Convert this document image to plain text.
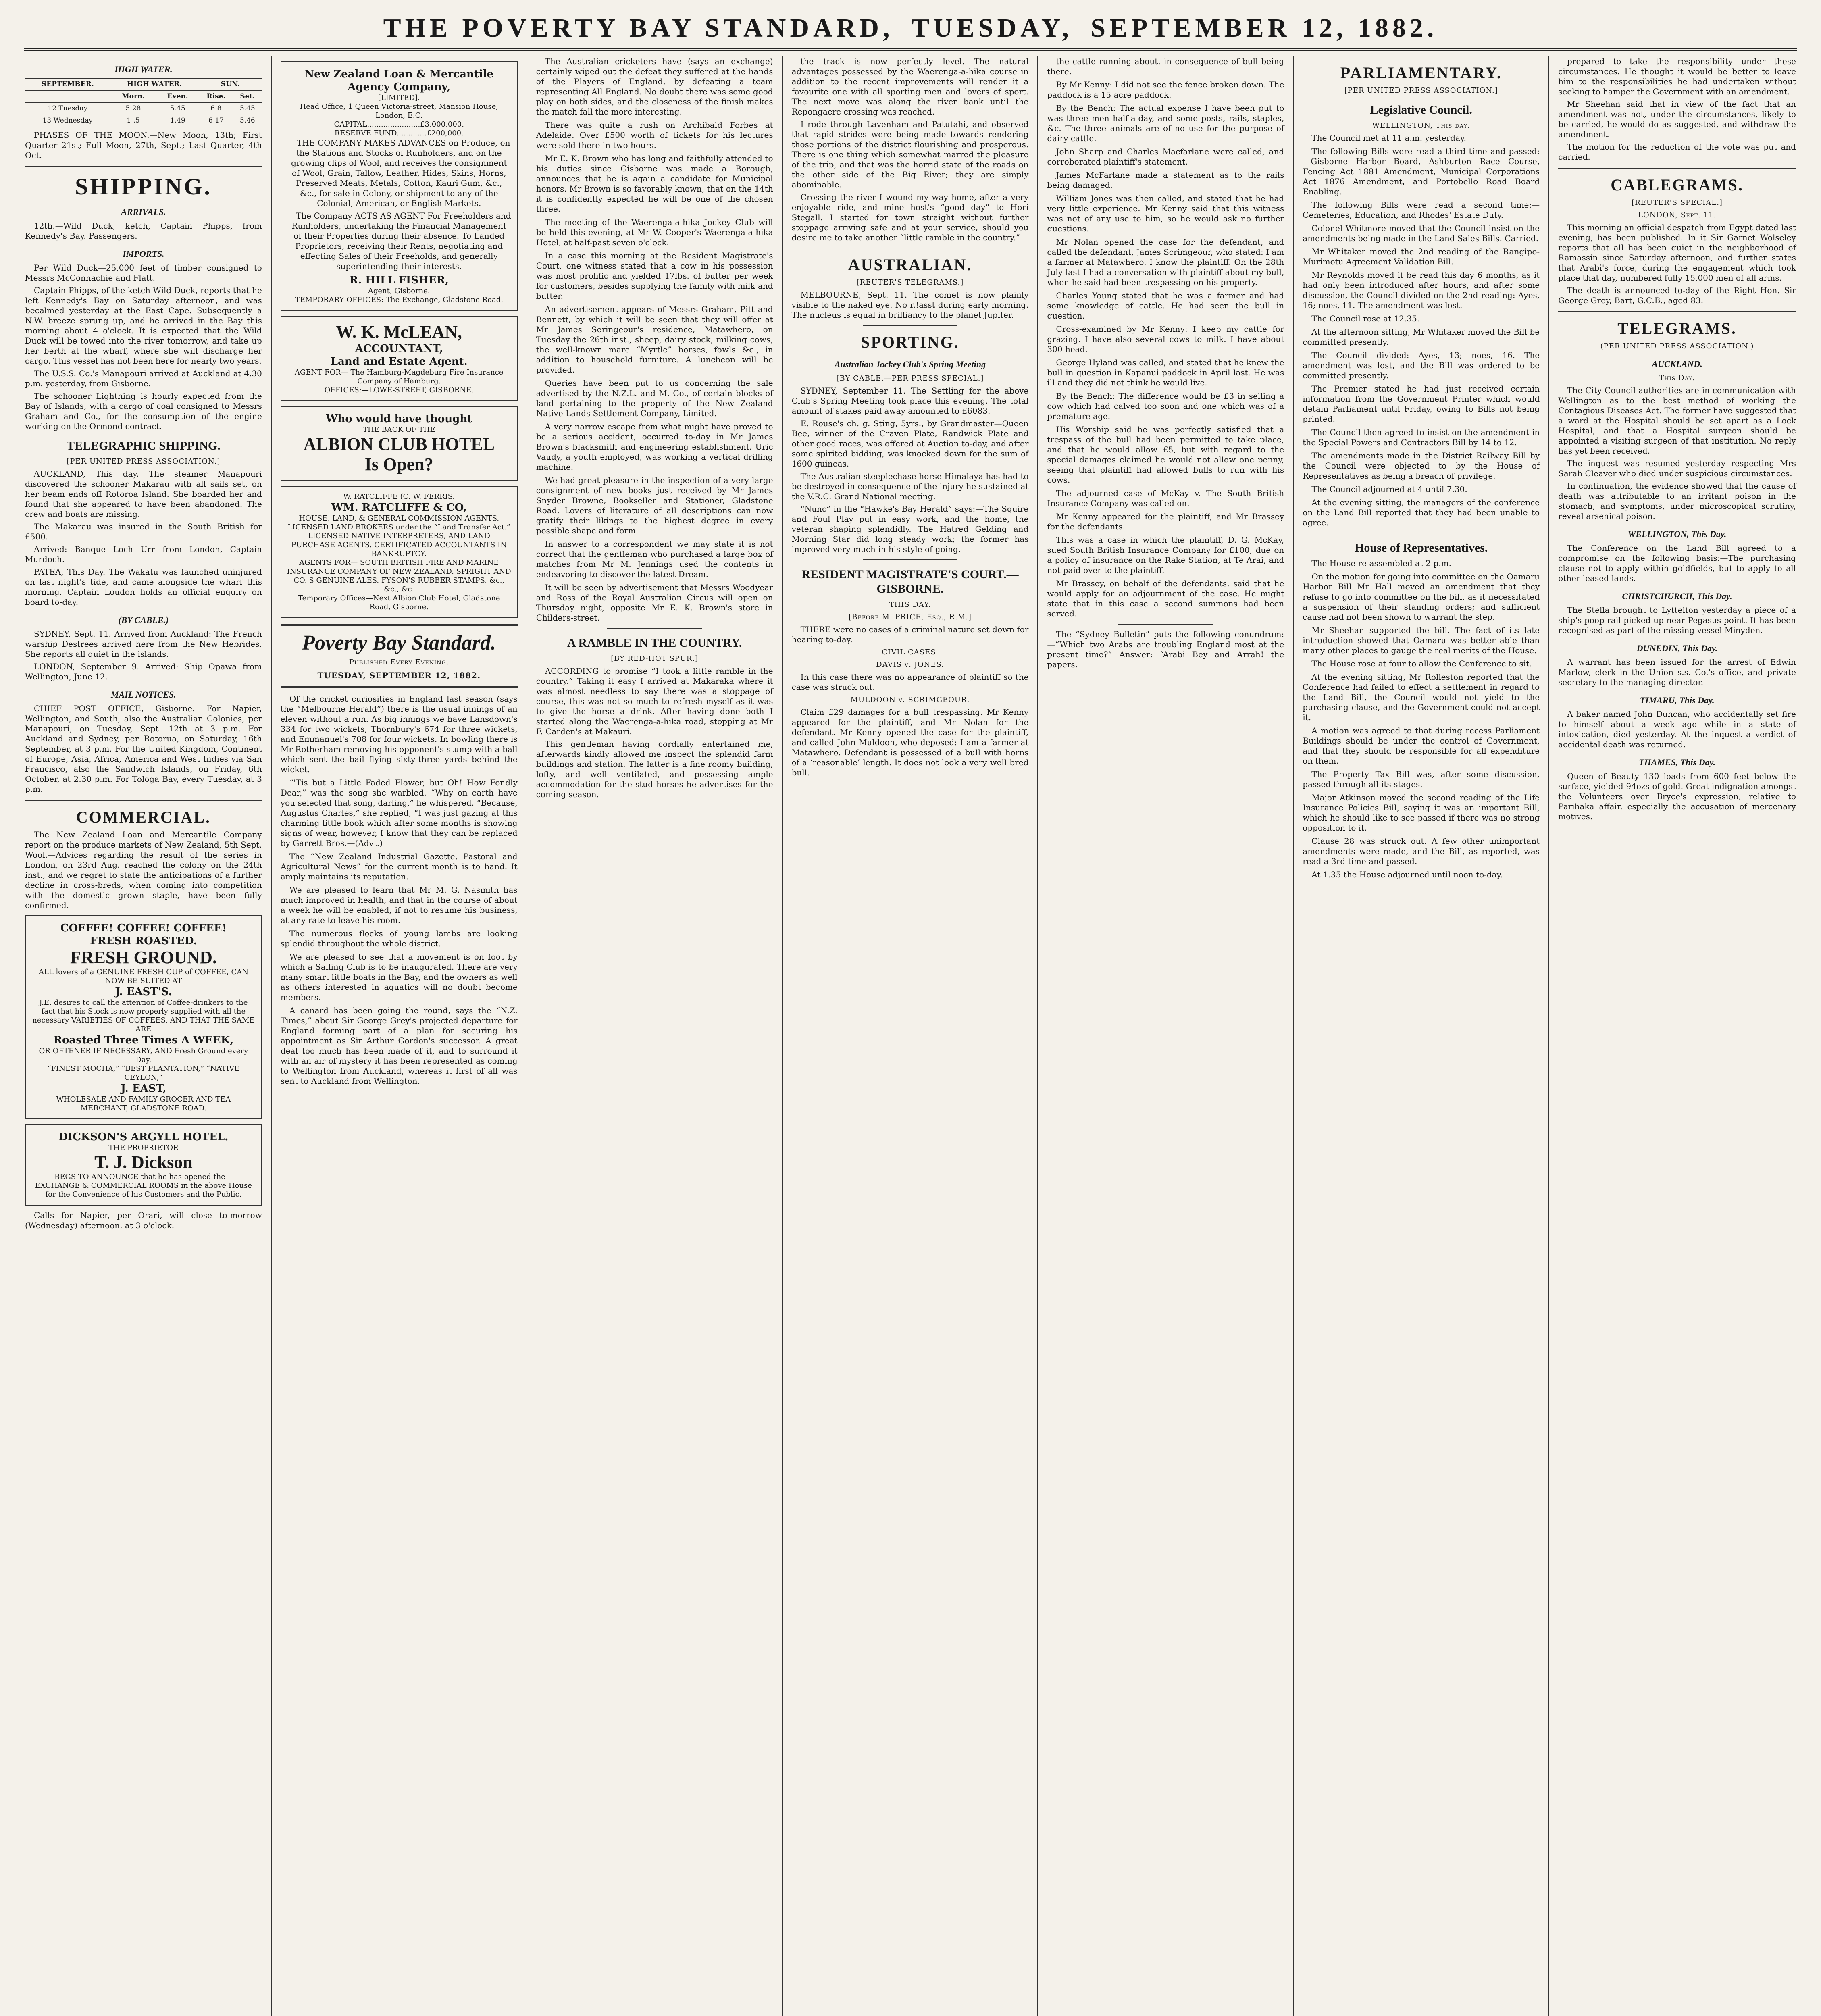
THE POVERTY BAY STANDARD, TUESDAY, SEPTEMBER 12, 1882.
HIGH WATER.
SEPTEMBER.	HIGH WATER.		SUN.	
	Morn.	Even.	Rise.	Set.
12 Tuesday	5.28	5.45	6 8	5.45
13 Wednesday	1 .5	1.49	6 17	5.46

PHASES OF THE MOON.—New Moon, 13th; First Quarter 21st; Full Moon, 27th, Sept.; Last Quarter, 4th Oct.

SHIPPING.
ARRIVALS.

12th.—Wild Duck, ketch, Captain Phipps, from Kennedy's Bay. Passengers.

IMPORTS.

Per Wild Duck—25,000 feet of timber consigned to Messrs McConnachie and Flatt.

Captain Phipps, of the ketch Wild Duck, reports that he left Kennedy's Bay on Saturday afternoon, and was becalmed yesterday at the East Cape. Subsequently a N.W. breeze sprung up, and he arrived in the Bay this morning about 4 o'clock. It is expected that the Wild Duck will be towed into the river tomorrow, and take up her berth at the wharf, where she will discharge her cargo. This vessel has not been here for nearly two years.

The U.S.S. Co.'s Manapouri arrived at Auckland at 4.30 p.m. yesterday, from Gisborne.

The schooner Lightning is hourly expected from the Bay of Islands, with a cargo of coal consigned to Messrs Graham and Co., for the consumption of the engine working on the Ormond contract.

TELEGRAPHIC SHIPPING.
[PER UNITED PRESS ASSOCIATION.]

AUCKLAND, This day. The steamer Manapouri discovered the schooner Makarau with all sails set, on her beam ends off Rotoroa Island. She boarded her and found that she appeared to have been abandoned. The crew and boats are missing.

The Makarau was insured in the South British for £500.

Arrived: Banque Loch Urr from London, Captain Murdoch.

PATEA, This Day. The Wakatu was launched uninjured on last night's tide, and came alongside the wharf this morning. Captain Loudon holds an official enquiry on board to-day.

(BY CABLE.)

SYDNEY, Sept. 11. Arrived from Auckland: The French warship Destrees arrived here from the New Hebrides. She reports all quiet in the islands.

LONDON, September 9. Arrived: Ship Opawa from Wellington, June 12.

MAIL NOTICES.

CHIEF POST OFFICE, Gisborne. For Napier, Wellington, and South, also the Australian Colonies, per Manapouri, on Tuesday, Sept. 12th at 3 p.m. For Auckland and Sydney, per Rotorua, on Saturday, 16th September, at 3 p.m. For the United Kingdom, Continent of Europe, Asia, Africa, America and West Indies via San Francisco, also the Sandwich Islands, on Friday, 6th October, at 2.30 p.m. For Tologa Bay, every Tuesday, at 3 p.m.

COMMERCIAL.

The New Zealand Loan and Mercantile Company report on the produce markets of New Zealand, 5th Sept. Wool.—Advices regarding the result of the series in London, on 23rd Aug. reached the colony on the 24th inst., and we regret to state the anticipations of a further decline in cross-breds, when coming into competition with the domestic grown staple, have been fully confirmed.

COFFEE! COFFEE! COFFEE!
FRESH ROASTED.
FRESH GROUND.
ALL lovers of a GENUINE FRESH CUP of COFFEE, CAN NOW BE SUITED AT
J. EAST'S.
J.E. desires to call the attention of Coffee-drinkers to the fact that his Stock is now properly supplied with all the necessary VARIETIES OF COFFEES, AND THAT THE SAME ARE
Roasted Three Times A WEEK,
OR OFTENER IF NECESSARY, AND Fresh Ground every Day.
“FINEST MOCHA,” “BEST PLANTATION,” “NATIVE CEYLON,”
J. EAST,
WHOLESALE AND FAMILY GROCER AND TEA MERCHANT, GLADSTONE ROAD.
DICKSON'S ARGYLL HOTEL.
THE PROPRIETOR
T. J. Dickson
BEGS TO ANNOUNCE that he has opened the— EXCHANGE & COMMERCIAL ROOMS in the above House for the Convenience of his Customers and the Public.

Calls for Napier, per Orari, will close to-morrow (Wednesday) afternoon, at 3 o'clock.

New Zealand Loan & Mercantile Agency Company,
[LIMITED].
Head Office, 1 Queen Victoria-street, Mansion House, London, E.C.
CAPITAL.......................£3,000,000.
RESERVE FUND.............£200,000.

THE COMPANY MAKES ADVANCES on Produce, on the Stations and Stocks of Runholders, and on the growing clips of Wool, and receives the consignment of Wool, Grain, Tallow, Leather, Hides, Skins, Horns, Preserved Meats, Metals, Cotton, Kauri Gum, &c., &c., for sale in Colony, or shipment to any of the Colonial, American, or English Markets.

The Company ACTS AS AGENT For Freeholders and Runholders, undertaking the Financial Management of their Properties during their absence. To Landed Proprietors, receiving their Rents, negotiating and effecting Sales of their Freeholds, and generally superintending their interests.

R. HILL FISHER,
Agent, Gisborne.
TEMPORARY OFFICES: The Exchange, Gladstone Road.
W. K. McLEAN,
ACCOUNTANT,
Land and Estate Agent.
AGENT FOR— The Hamburg-Magdeburg Fire Insurance Company of Hamburg.
OFFICES:—LOWE-STREET, GISBORNE.
Who would have thought
THE BACK OF THE
ALBION CLUB HOTEL
Is Open?
W. RATCLIFFE (C. W. FERRIS.
WM. RATCLIFFE & CO,
HOUSE, LAND, & GENERAL COMMISSION AGENTS.
LICENSED LAND BROKERS under the “Land Transfer Act.” LICENSED NATIVE INTERPRETERS, AND LAND PURCHASE AGENTS. CERTIFICATED ACCOUNTANTS IN BANKRUPTCY.
AGENTS FOR— SOUTH BRITISH FIRE AND MARINE INSURANCE COMPANY OF NEW ZEALAND. SPRIGHT AND CO.'S GENUINE ALES. FYSON'S RUBBER STAMPS, &c., &c., &c.
Temporary Offices—Next Albion Club Hotel, Gladstone Road, Gisborne.
Poverty Bay Standard.
Published Every Evening.
TUESDAY, SEPTEMBER 12, 1882.

Of the cricket curiosities in England last season (says the “Melbourne Herald”) there is the usual innings of an eleven without a run. As big innings we have Lansdown's 334 for two wickets, Thornbury's 674 for three wickets, and Emmanuel's 708 for four wickets. In bowling there is Mr Rotherham removing his opponent's stump with a ball which sent the bail flying sixty-three yards behind the wicket.

“'Tis but a Little Faded Flower, but Oh! How Fondly Dear,” was the song she warbled. “Why on earth have you selected that song, darling,” he whispered. “Because, Augustus Charles,” she replied, “I was just gazing at this charming little book which after some months is showing signs of wear, however, I know that they can be replaced by Garrett Bros.—(Advt.)

The “New Zealand Industrial Gazette, Pastoral and Agricultural News” for the current month is to hand. It amply maintains its reputation.

We are pleased to learn that Mr M. G. Nasmith has much improved in health, and that in the course of about a week he will be enabled, if not to resume his business, at any rate to leave his room.

The numerous flocks of young lambs are looking splendid throughout the whole district.

We are pleased to see that a movement is on foot by which a Sailing Club is to be inaugurated. There are very many smart little boats in the Bay, and the owners as well as others interested in aquatics will no doubt become members.

A canard has been going the round, says the “N.Z. Times,” about Sir George Grey's projected departure for England forming part of a plan for securing his appointment as Sir Arthur Gordon's successor. A great deal too much has been made of it, and to surround it with an air of mystery it has been represented as coming to Wellington from Auckland, whereas it first of all was sent to Auckland from Wellington.

The Australian cricketers have (says an exchange) certainly wiped out the defeat they suffered at the hands of the Players of England, by defeating a team representing All England. No doubt there was some good play on both sides, and the closeness of the finish makes the match fall the more interesting.

There was quite a rush on Archibald Forbes at Adelaide. Over £500 worth of tickets for his lectures were sold there in two hours.

Mr E. K. Brown who has long and faithfully attended to his duties since Gisborne was made a Borough, announces that he is again a candidate for Municipal honors. Mr Brown is so favorably known, that on the 14th it is confidently expected he will be one of the chosen three.

The meeting of the Waerenga-a-hika Jockey Club will be held this evening, at Mr W. Cooper's Waerenga-a-hika Hotel, at half-past seven o'clock.

In a case this morning at the Resident Magistrate's Court, one witness stated that a cow in his possession was most prolific and yielded 17lbs. of butter per week for customers, besides supplying the family with milk and butter.

An advertisement appears of Messrs Graham, Pitt and Bennett, by which it will be seen that they will offer at Mr James Seringeour's residence, Matawhero, on Tuesday the 26th inst., sheep, dairy stock, milking cows, the well-known mare “Myrtle” horses, fowls &c., in addition to household furniture. A luncheon will be provided.

Queries have been put to us concerning the sale advertised by the N.Z.L. and M. Co., of certain blocks of land pertaining to the property of the New Zealand Native Lands Settlement Company, Limited.

A very narrow escape from what might have proved to be a serious accident, occurred to-day in Mr James Brown's blacksmith and engineering establishment. Uric Vaudy, a youth employed, was working a vertical drilling machine.

We had great pleasure in the inspection of a very large consignment of new books just received by Mr James Snyder Browne, Bookseller and Stationer, Gladstone Road. Lovers of literature of all descriptions can now gratify their likings to the highest degree in every possible shape and form.

In answer to a correspondent we may state it is not correct that the gentleman who purchased a large box of matches from Mr M. Jennings used the contents in endeavoring to discover the latest Dream.

It will be seen by advertisement that Messrs Woodyear and Ross of the Royal Australian Circus will open on Thursday night, opposite Mr E. K. Brown's store in Childers-street.

A RAMBLE IN THE COUNTRY.
[BY RED-HOT SPUR.]

ACCORDING to promise “I took a little ramble in the country.” Taking it easy I arrived at Makaraka where it was almost needless to say there was a stoppage of course, this was not so much to refresh myself as it was to give the horse a drink. After having done both I started along the Waerenga-a-hika road, stopping at Mr F. Carden's at Makauri.

This gentleman having cordially entertained me, afterwards kindly allowed me inspect the splendid farm buildings and station. The latter is a fine roomy building, lofty, and well ventilated, and possessing ample accommodation for the stud horses he advertises for the coming season.

the track is now perfectly level. The natural advantages possessed by the Waerenga-a-hika course in addition to the recent improvements will render it a favourite one with all sporting men and lovers of sport. The next move was along the river bank until the Repongaere crossing was reached.

I rode through Lavenham and Patutahi, and observed that rapid strides were being made towards rendering those portions of the district flourishing and prosperous. There is one thing which somewhat marred the pleasure of the trip, and that was the horrid state of the roads on the other side of the Big River; they are simply abominable.

Crossing the river I wound my way home, after a very enjoyable ride, and mine host's “good day” to Hori Stegall. I started for town straight without further stoppage arriving safe and at your service, should you desire me to take another “little ramble in the country.”

AUSTRALIAN.
[REUTER'S TELEGRAMS.]

MELBOURNE, Sept. 11. The comet is now plainly visible to the naked eye. No r.!asst during early morning. The nucleus is equal in brilliancy to the planet Jupiter.

SPORTING.
Australian Jockey Club's Spring Meeting
[BY CABLE.—PER PRESS SPECIAL.]

SYDNEY, September 11. The Settling for the above Club's Spring Meeting took place this evening. The total amount of stakes paid away amounted to £6083.

E. Rouse's ch. g. Sting, 5yrs., by Grandmaster—Queen Bee, winner of the Craven Plate, Randwick Plate and other good races, was offered at Auction to-day, and after some spirited bidding, was knocked down for the sum of 1600 guineas.

The Australian steeplechase horse Himalaya has had to be destroyed in consequence of the injury he sustained at the V.R.C. Grand National meeting.

“Nunc” in the “Hawke's Bay Herald” says:—The Squire and Foul Play put in easy work, and the home, the veteran shaping splendidly. The Hatred Gelding and Morning Star did long steady work; the former has improved very much in his style of going.

RESIDENT MAGISTRATE'S COURT.—GISBORNE.
THIS DAY.
[Before M. PRICE, Esq., R.M.]

THERE were no cases of a criminal nature set down for hearing to-day.

CIVIL CASES.
DAVIS v. JONES.

In this case there was no appearance of plaintiff so the case was struck out.

MULDOON v. SCRIMGEOUR.

Claim £29 damages for a bull trespassing. Mr Kenny appeared for the plaintiff, and Mr Nolan for the defendant. Mr Kenny opened the case for the plaintiff, and called John Muldoon, who deposed: I am a farmer at Matawhero. Defendant is possessed of a bull with horns of a ‘reasonable’ length. It does not look a very well bred bull.

the cattle running about, in consequence of bull being there.

By Mr Kenny: I did not see the fence broken down. The paddock is a 15 acre paddock.

By the Bench: The actual expense I have been put to was three men half-a-day, and some posts, rails, staples, &c. The three animals are of no use for the purpose of dairy cattle.

John Sharp and Charles Macfarlane were called, and corroborated plaintiff's statement.

James McFarlane made a statement as to the rails being damaged.

William Jones was then called, and stated that he had very little experience. Mr Kenny said that this witness was not of any use to him, so he would ask no further questions.

Mr Nolan opened the case for the defendant, and called the defendant, James Scrimgeour, who stated: I am a farmer at Matawhero. I know the plaintiff. On the 28th July last I had a conversation with plaintiff about my bull, when he said had been trespassing on his property.

Charles Young stated that he was a farmer and had some knowledge of cattle. He had seen the bull in question.

Cross-examined by Mr Kenny: I keep my cattle for grazing. I have also several cows to milk. I have about 300 head.

George Hyland was called, and stated that he knew the bull in question in Kapanui paddock in April last. He was ill and they did not think he would live.

By the Bench: The difference would be £3 in selling a cow which had calved too soon and one which was of a premature age.

His Worship said he was perfectly satisfied that a trespass of the bull had been permitted to take place, and that he would allow £5, but with regard to the special damages claimed he would not allow one penny, seeing that plaintiff had allowed bulls to run with his cows.

The adjourned case of McKay v. The South British Insurance Company was called on.

Mr Kenny appeared for the plaintiff, and Mr Brassey for the defendants.

This was a case in which the plaintiff, D. G. McKay, sued South British Insurance Company for £100, due on a policy of insurance on the Rake Station, at Te Arai, and not paid over to the plaintiff.

Mr Brassey, on behalf of the defendants, said that he would apply for an adjournment of the case. He might state that in this case a second summons had been served.

The “Sydney Bulletin” puts the following conundrum:—“Which two Arabs are troubling England most at the present time?” Answer: “Arabi Bey and Arrah! the papers.

PARLIAMENTARY.
[PER UNITED PRESS ASSOCIATION.]
Legislative Council.
WELLINGTON, This day.

The Council met at 11 a.m. yesterday.

The following Bills were read a third time and passed:—Gisborne Harbor Board, Ashburton Race Course, Fencing Act 1881 Amendment, Municipal Corporations Act 1876 Amendment, and Portobello Road Board Enabling.

The following Bills were read a second time:—Cemeteries, Education, and Rhodes' Estate Duty.

Colonel Whitmore moved that the Council insist on the amendments being made in the Land Sales Bills. Carried.

Mr Whitaker moved the 2nd reading of the Rangipo-Murimotu Agreement Validation Bill.

Mr Reynolds moved it be read this day 6 months, as it had only been introduced after hours, and after some discussion, the Council divided on the 2nd reading: Ayes, 16; noes, 11. The amendment was lost.

The Council rose at 12.35.

At the afternoon sitting, Mr Whitaker moved the Bill be committed presently.

The Council divided: Ayes, 13; noes, 16. The amendment was lost, and the Bill was ordered to be committed presently.

The Premier stated he had just received certain information from the Government Printer which would detain Parliament until Friday, owing to Bills not being printed.

The Council then agreed to insist on the amendment in the Special Powers and Contractors Bill by 14 to 12.

The amendments made in the District Railway Bill by the Council were objected to by the House of Representatives as being a breach of privilege.

The Council adjourned at 4 until 7.30.

At the evening sitting, the managers of the conference on the Land Bill reported that they had been unable to agree.

House of Representatives.

The House re-assembled at 2 p.m.

On the motion for going into committee on the Oamaru Harbor Bill Mr Hall moved an amendment that they refuse to go into committee on the bill, as it necessitated a suspension of their standing orders; and sufficient cause had not been shown to warrant the step.

Mr Sheehan supported the bill. The fact of its late introduction showed that Oamaru was better able than many other places to gauge the real merits of the House.

The House rose at four to allow the Conference to sit.

At the evening sitting, Mr Rolleston reported that the Conference had failed to effect a settlement in regard to the Land Bill, the Council would not yield to the purchasing clause, and the Government could not accept it.

A motion was agreed to that during recess Parliament Buildings should be under the control of Government, and that they should be responsible for all expenditure on them.

The Property Tax Bill was, after some discussion, passed through all its stages.

Major Atkinson moved the second reading of the Life Insurance Policies Bill, saying it was an important Bill, which he should like to see passed if there was no strong opposition to it.

Clause 28 was struck out. A few other unimportant amendments were made, and the Bill, as reported, was read a 3rd time and passed.

At 1.35 the House adjourned until noon to-day.

prepared to take the responsibility under these circumstances. He thought it would be better to leave him to the responsibilities he had undertaken without seeking to hamper the Government with an amendment.

Mr Sheehan said that in view of the fact that an amendment was not, under the circumstances, likely to be carried, he would do as suggested, and withdraw the amendment.

The motion for the reduction of the vote was put and carried.

CABLEGRAMS.
[REUTER'S SPECIAL.]
LONDON, Sept. 11.

This morning an official despatch from Egypt dated last evening, has been published. In it Sir Garnet Wolseley reports that all has been quiet in the neighborhood of Ramassin since Saturday afternoon, and further states that Arabi's force, during the engagement which took place that day, numbered fully 15,000 men of all arms.

The death is announced to-day of the Right Hon. Sir George Grey, Bart, G.C.B., aged 83.

TELEGRAMS.
(PER UNITED PRESS ASSOCIATION.)
AUCKLAND.
This Day.

The City Council authorities are in communication with Wellington as to the best method of working the Contagious Diseases Act. The former have suggested that a ward at the Hospital should be set apart as a Lock Hospital, and that a Hospital surgeon should be appointed a visiting surgeon of that institution. No reply has yet been received.

The inquest was resumed yesterday respecting Mrs Sarah Cleaver who died under suspicious circumstances.

In continuation, the evidence showed that the cause of death was attributable to an irritant poison in the stomach, and symptoms, under microscopical scrutiny, reveal arsenical poison.

WELLINGTON, This Day.

The Conference on the Land Bill agreed to a compromise on the following basis:—The purchasing clause not to apply within goldfields, but to apply to all other leased lands.

CHRISTCHURCH, This Day.

The Stella brought to Lyttelton yesterday a piece of a ship's poop rail picked up near Pegasus point. It has been recognised as part of the missing vessel Minyden.

DUNEDIN, This Day.

A warrant has been issued for the arrest of Edwin Marlow, clerk in the Union s.s. Co.'s office, and private secretary to the managing director.

TIMARU, This Day.

A baker named John Duncan, who accidentally set fire to himself about a week ago while in a state of intoxication, died yesterday. At the inquest a verdict of accidental death was returned.

THAMES, This Day.

Queen of Beauty 130 loads from 600 feet below the surface, yielded 94ozs of gold. Great indignation amongst the Volunteers over Bryce's expression, relative to Parihaka affair, especially the accusation of mercenary motives.
